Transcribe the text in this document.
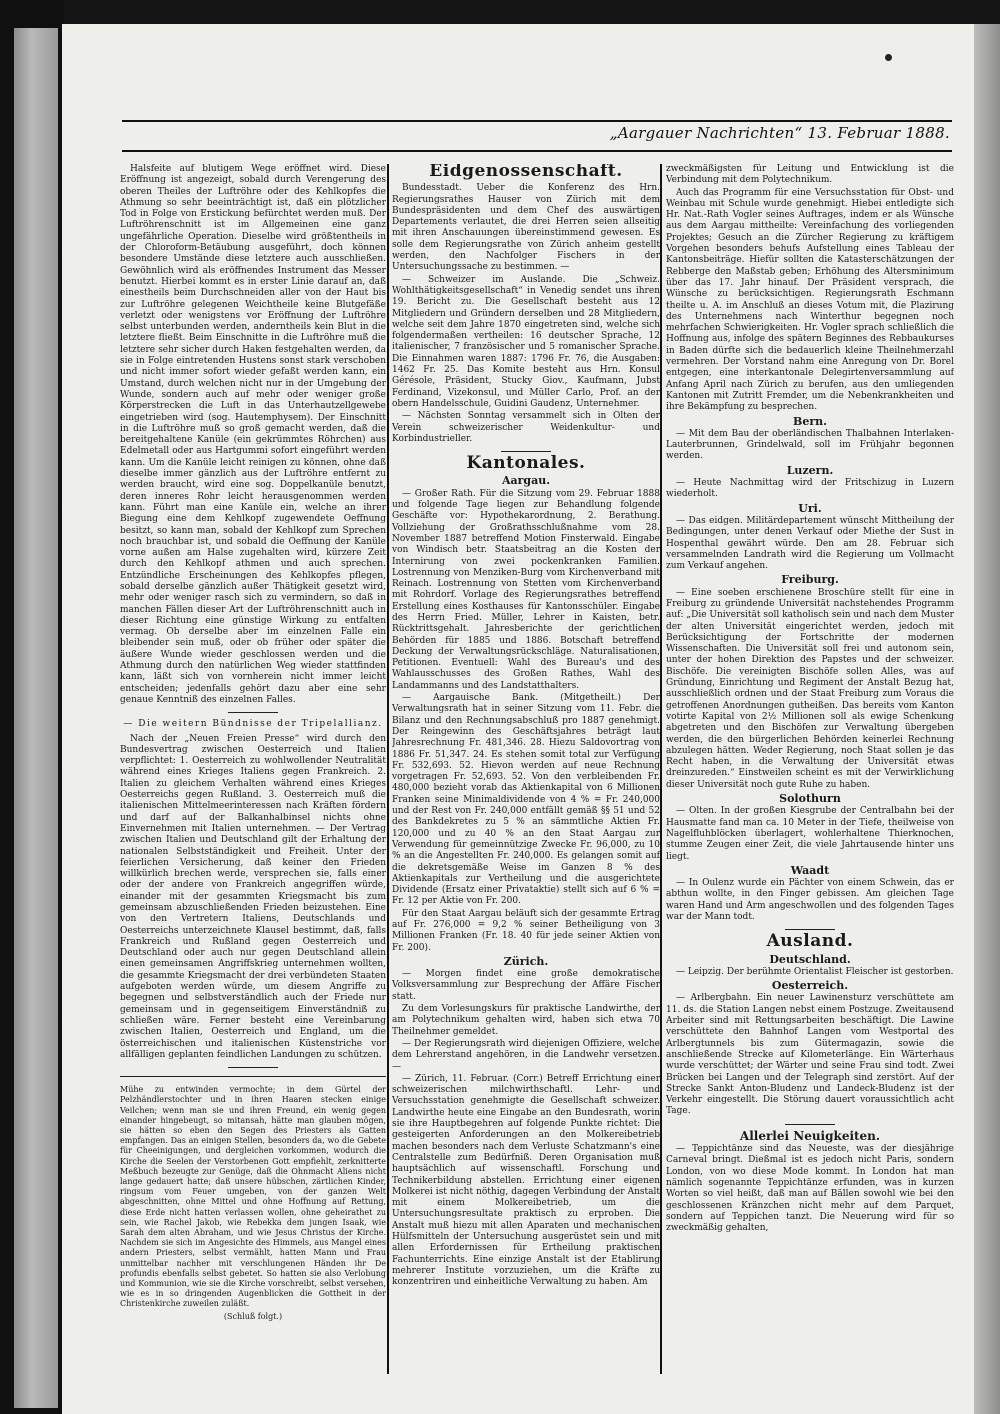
„Aargauer Nachrichten“ 13. Februar 1888.

Halsfeite auf blutigem Wege eröffnet wird. Diese Eröffnung ist angezeigt, sobald durch Verengerung des oberen Theiles der Luftröhre oder des Kehlkopfes die Athmung so sehr beeinträchtigt ist, daß ein plötzlicher Tod in Folge von Erstickung befürchtet werden muß. Der Luftröhrenschnitt ist im Allgemeinen eine ganz ungefährliche Operation. Dieselbe wird größtentheils in der Chloroform-Betäubung ausgeführt, doch können besondere Umstände diese letztere auch ausschließen. Gewöhnlich wird als eröffnendes Instrument das Messer benutzt. Hierbei kommt es in erster Linie darauf an, daß einestheils beim Durchschneiden aller von der Haut bis zur Luftröhre gelegenen Weichtheile keine Blutgefäße verletzt oder wenigstens vor Eröffnung der Luftröhre selbst unterbunden werden, anderntheils kein Blut in die letztere fließt. Beim Einschnitte in die Luftröhre muß die letztere sehr sicher durch Haken festgehalten werden, da sie in Folge eintretenden Hustens sonst stark verschoben und nicht immer sofort wieder gefaßt werden kann, ein Umstand, durch welchen nicht nur in der Umgebung der Wunde, sondern auch auf mehr oder weniger große Körperstrecken die Luft in das Unterhautzellgewebe eingetrieben wird (sog. Hautemphysem). Der Einschnitt in die Luftröhre muß so groß gemacht werden, daß die bereitgehaltene Kanüle (ein gekrümmtes Röhrchen) aus Edelmetall oder aus Hartgummi sofort eingeführt werden kann. Um die Kanüle leicht reinigen zu können, ohne daß dieselbe immer gänzlich aus der Luftröhre entfernt zu werden braucht, wird eine sog. Doppelkanüle benutzt, deren inneres Rohr leicht herausgenommen werden kann. Führt man eine Kanüle ein, welche an ihrer Biegung eine dem Kehlkopf zugewendete Oeffnung besitzt, so kann man, sobald der Kehlkopf zum Sprechen noch brauchbar ist, und sobald die Oeffnung der Kanüle vorne außen am Halse zugehalten wird, kürzere Zeit durch den Kehlkopf athmen und auch sprechen. Entzündliche Erscheinungen des Kehlkopfes pflegen, sobald derselbe gänzlich außer Thätigkeit gesetzt wird, mehr oder weniger rasch sich zu vermindern, so daß in manchen Fällen dieser Art der Luftröhrenschnitt auch in dieser Richtung eine günstige Wirkung zu entfalten vermag. Ob derselbe aber im einzelnen Falle ein bleibender sein muß, oder ob früher oder später die äußere Wunde wieder geschlossen werden und die Athmung durch den natürlichen Weg wieder stattfinden kann, läßt sich von vornherein nicht immer leicht entscheiden; jedenfalls gehört dazu aber eine sehr genaue Kenntniß des einzelnen Falles.

— Die weitern Bündnisse der Tripelallianz.

Nach der „Neuen Freien Presse“ wird durch den Bundesvertrag zwischen Oesterreich und Italien verpflichtet: 1. Oesterreich zu wohlwollender Neutralität während eines Krieges Italiens gegen Frankreich. 2. Italien zu gleichem Verhalten während eines Krieges Oesterreichs gegen Rußland. 3. Oesterreich muß die italienischen Mittelmeerinteressen nach Kräften fördern und darf auf der Balkanhalbinsel nichts ohne Einvernehmen mit Italien unternehmen. — Der Vertrag zwischen Italien und Deutschland gilt der Erhaltung der nationalen Selbstständigkeit und Freiheit. Unter der feierlichen Versicherung, daß keiner den Frieden willkürlich brechen werde, versprechen sie, falls einer oder der andere von Frankreich angegriffen würde, einander mit der gesammten Kriegsmacht bis zum gemeinsam abzuschließenden Frieden beizustehen. Eine von den Vertretern Italiens, Deutschlands und Oesterreichs unterzeichnete Klausel bestimmt, daß, falls Frankreich und Rußland gegen Oesterreich und Deutschland oder auch nur gegen Deutschland allein einen gemeinsamen Angriffskrieg unternehmen wollten, die gesammte Kriegsmacht der drei verbündeten Staaten aufgeboten werden würde, um diesem Angriffe zu begegnen und selbstverständlich auch der Friede nur gemeinsam und in gegenseitigem Einverständniß zu schließen wäre. Ferner besteht eine Vereinbarung zwischen Italien, Oesterreich und England, um die österreichischen und italienischen Küstenstriche vor allfälligen geplanten feindlichen Landungen zu schützen.

Mühe zu entwinden vermochte; in dem Gürtel der Pelzhändlerstochter und in ihren Haaren stecken einige Veilchen; wenn man sie und ihren Freund, ein wenig gegen einander hingebeugt, so mitansah, hätte man glauben mögen, sie hätten so eben den Segen des Priesters als Gatten empfangen. Das an einigen Stellen, besonders da, wo die Gebete für Cheeinigungen, und dergleichen vorkommen, wodurch die Kirche die Seelen der Verstorbenen Gott empfiehlt, zerknitterte Meßbuch bezeugte zur Genüge, daß die Ohnmacht Aliens nicht lange gedauert hatte; daß unsere hübschen, zärtlichen Kinder, ringsum vom Feuer umgeben, von der ganzen Welt abgeschnitten, ohne Mittel und ohne Hoffnung auf Rettung, diese Erde nicht hatten verlassen wollen, ohne geheirathet zu sein, wie Rachel Jakob, wie Rebekka dem jungen Isaak, wie Sarah dem alten Abraham, und wie Jesus Christus der Kirche. Nachdem sie sich im Angesichte des Himmels, aus Mangel eines andern Priesters, selbst vermählt, hatten Mann und Frau unmittelbar nachher mit verschlungenen Händen ihr De profundis ebenfalls selbst gebetet. So hatten sie also Verlobung und Kommunion, wie sie die Kirche vorschreibt, selbst versehen, wie es in so dringenden Augenblicken die Gottheit in der Christenkirche zuweilen zuläßt.
(Schluß folgt.)
Eidgenossenschaft.

Bundesstadt. Ueber die Konferenz des Hrn. Regierungsrathes Hauser von Zürich mit dem Bundespräsidenten und dem Chef des auswärtigen Departements verlautet, die drei Herren seien allseitig mit ihren Anschauungen übereinstimmend gewesen. Es solle dem Regierungsrathe von Zürich anheim gestellt werden, den Nachfolger Fischers in der Untersuchungssache zu bestimmen. —

— Schweizer im Auslande. Die „Schweiz. Wohlthätigkeitsgesellschaft“ in Venedig sendet uns ihren 19. Bericht zu. Die Gesellschaft besteht aus 12 Mitgliedern und Gründern derselben und 28 Mitgliedern, welche seit dem Jahre 1870 eingetreten sind, welche sich folgendermaßen vertheilen: 16 deutscher Sprache, 12 italienischer, 7 französischer und 5 romanischer Sprache. Die Einnahmen waren 1887: 1796 Fr. 76, die Ausgaben: 1462 Fr. 25. Das Komite besteht aus Hrn. Konsul Gérésole, Präsident, Stucky Giov., Kaufmann, Jubst Ferdinand, Vizekonsul, und Müller Carlo, Prof. an der obern Handelsschule, Guidini Gaudenz, Unternehmer.

— Nächsten Sonntag versammelt sich in Olten der Verein schweizerischer Weidenkultur- und Korbindustrieller.

Kantonales.
Aargau.

— Großer Rath. Für die Sitzung vom 29. Februar 1888 und folgende Tage liegen zur Behandlung folgende Geschäfte vor: Hypothekarordnung, 2. Berathung. Vollziehung der Großrathsschlußnahme vom 28. November 1887 betreffend Motion Finsterwald. Eingabe von Windisch betr. Staatsbeitrag an die Kosten der Internirung von zwei pockenkranken Familien. Lostrennung von Menziken-Burg vom Kirchenverband mit Reinach. Lostrennung von Stetten vom Kirchenverband mit Rohrdorf. Vorlage des Regierungsrathes betreffend Erstellung eines Kosthauses für Kantonsschüler. Eingabe des Herrn Fried. Müller, Lehrer in Kaisten, betr. Rücktrittsgehalt. Jahresberichte der gerichtlichen Behörden für 1885 und 1886. Botschaft betreffend Deckung der Verwaltungsrückschläge. Naturalisationen, Petitionen. Eventuell: Wahl des Bureau's und des Wahlausschusses des Großen Rathes, Wahl des Landammanns und des Landstatthalters.

— Aargauische Bank. (Mitgetheilt.) Der Verwaltungsrath hat in seiner Sitzung vom 11. Febr. die Bilanz und den Rechnungsabschluß pro 1887 genehmigt. Der Reingewinn des Geschäftsjahres beträgt laut Jahresrechnung Fr. 481,346. 28. Hiezu Saldovortrag von 1886 Fr. 51,347. 24. Es stehen somit total zur Verfügung Fr. 532,693. 52. Hievon werden auf neue Rechnung vorgetragen Fr. 52,693. 52. Von den verbleibenden Fr. 480,000 bezieht vorab das Aktienkapital von 6 Millionen Franken seine Minimaldividende von 4 % = Fr. 240,000 und der Rest von Fr. 240,000 entfällt gemäß §§ 51 und 52 des Bankdekretes zu 5 % an sämmtliche Aktien Fr. 120,000 und zu 40 % an den Staat Aargau zur Verwendung für gemeinnützige Zwecke Fr. 96,000, zu 10 % an die Angestellten Fr. 240,000. Es gelangen somit auf die dekretsgemäße Weise im Ganzen 8 % des Aktienkapitals zur Vertheilung und die ausgerichtete Dividende (Ersatz einer Privataktie) stellt sich auf 6 % = Fr. 12 per Aktie von Fr. 200.

Für den Staat Aargau beläuft sich der gesammte Ertrag auf Fr. 276,000 = 9,2 % seiner Betheiligung von 3 Millionen Franken (Fr. 18. 40 für jede seiner Aktien von Fr. 200).

Zürich.

— Morgen findet eine große demokratische Volksversammlung zur Besprechung der Affäre Fischer statt.

Zu dem Vorlesungskurs für praktische Landwirthe, der am Polytechnikum gehalten wird, haben sich etwa 70 Theilnehmer gemeldet.

— Der Regierungsrath wird diejenigen Offiziere, welche dem Lehrerstand angehören, in die Landwehr versetzen. —

— Zürich, 11. Februar. (Corr.) Betreff Errichtung einer schweizerischen milchwirthschaftl. Lehr- und Versuchsstation genehmigte die Gesellschaft schweizer. Landwirthe heute eine Eingabe an den Bundesrath, worin sie ihre Hauptbegehren auf folgende Punkte richtet: Die gesteigerten Anforderungen an den Molkereibetrieb machen besonders nach dem Verluste Schatzmann's eine Centralstelle zum Bedürfniß. Deren Organisation muß hauptsächlich auf wissenschaftl. Forschung und Technikerbildung abstellen. Errichtung einer eigenen Molkerei ist nicht nöthig, dagegen Verbindung der Anstalt mit einem Molkereibetrieb, um die Untersuchungsresultate praktisch zu erproben. Die Anstalt muß hiezu mit allen Aparaten und mechanischen Hülfsmitteln der Untersuchung ausgerüstet sein und mit allen Erfordernissen für Ertheilung praktischen Fachunterrichts. Eine einzige Anstalt ist der Etablirung mehrerer Institute vorzuziehen, um die Kräfte zu konzentriren und einheitliche Verwaltung zu haben. Am

zweckmäßigsten für Leitung und Entwicklung ist die Verbindung mit dem Polytechnikum.

Auch das Programm für eine Versuchsstation für Obst- und Weinbau mit Schule wurde genehmigt. Hiebei entledigte sich Hr. Nat.-Rath Vogler seines Auftrages, indem er als Wünsche aus dem Aargau mittheilte: Vereinfachung des vorliegenden Projektes; Gesuch an die Zürcher Regierung zu kräftigem Vorgehen besonders behufs Aufstellung eines Tableau der Kantonsbeiträge. Hiefür sollten die Katasterschätzungen der Rebberge den Maßstab geben; Erhöhung des Altersminimum über das 17. Jahr hinauf. Der Präsident versprach, die Wünsche zu berücksichtigen. Regierungsrath Eschmann theilte u. A. im Anschluß an dieses Votum mit, die Plazirung des Unternehmens nach Winterthur begegnen noch mehrfachen Schwierigkeiten. Hr. Vogler sprach schließlich die Hoffnung aus, infolge des spätern Beginnes des Rebbaukurses in Baden dürfte sich die bedauerlich kleine Theilnehmerzahl vermehren. Der Vorstand nahm eine Anregung von Dr. Borel entgegen, eine interkantonale Delegirtenversammlung auf Anfang April nach Zürich zu berufen, aus den umliegenden Kantonen mit Zutritt Fremder, um die Nebenkrankheiten und ihre Bekämpfung zu besprechen.

Bern.

— Mit dem Bau der oberländischen Thalbahnen Interlaken-Lauterbrunnen, Grindelwald, soll im Frühjahr begonnen werden.

Luzern.

— Heute Nachmittag wird der Fritschizug in Luzern wiederholt.

Uri.

— Das eidgen. Militärdepartement wünscht Mittheilung der Bedingungen, unter denen Verkauf oder Miethe der Sust in Hospenthal gewährt würde. Den am 28. Februar sich versammelnden Landrath wird die Regierung um Vollmacht zum Verkauf angehen.

Freiburg.

— Eine soeben erschienene Broschüre stellt für eine in Freiburg zu gründende Universität nachstehendes Programm auf: „Die Universität soll katholisch sein und nach dem Muster der alten Universität eingerichtet werden, jedoch mit Berücksichtigung der Fortschritte der modernen Wissenschaften. Die Universität soll frei und autonom sein, unter der hohen Direktion des Papstes und der schweizer. Bischöfe. Die vereinigten Bischöfe sollen Alles, was auf Gründung, Einrichtung und Regiment der Anstalt Bezug hat, ausschließlich ordnen und der Staat Freiburg zum Voraus die getroffenen Anordnungen gutheißen. Das bereits vom Kanton votirte Kapital von 2½ Millionen soll als ewige Schenkung abgetreten und den Bischöfen zur Verwaltung übergeben werden, die den bürgerlichen Behörden keinerlei Rechnung abzulegen hätten. Weder Regierung, noch Staat sollen je das Recht haben, in die Verwaltung der Universität etwas dreinzureden.“ Einstweilen scheint es mit der Verwirklichung dieser Universität noch gute Ruhe zu haben.

Solothurn

— Olten. In der großen Kiesgrube der Centralbahn bei der Hausmatte fand man ca. 10 Meter in der Tiefe, theilweise von Nagelfluhblöcken überlagert, wohlerhaltene Thierknochen, stumme Zeugen einer Zeit, die viele Jahrtausende hinter uns liegt.

Waadt

— In Oulenz wurde ein Pächter von einem Schwein, das er abthun wollte, in den Finger gebissen. Am gleichen Tage waren Hand und Arm angeschwollen und des folgenden Tages war der Mann todt.

Ausland.
Deutschland.

— Leipzig. Der berühmte Orientalist Fleischer ist gestorben.

Oesterreich.

— Arlbergbahn. Ein neuer Lawinensturz verschüttete am 11. ds. die Station Langen nebst einem Postzuge. Zweitausend Arbeiter sind mit Rettungsarbeiten beschäftigt. Die Lawine verschüttete den Bahnhof Langen vom Westportal des Arlbergtunnels bis zum Gütermagazin, sowie die anschließende Strecke auf Kilometerlänge. Ein Wärterhaus wurde verschüttet; der Wärter und seine Frau sind todt. Zwei Brücken bei Langen und der Telegraph sind zerstört. Auf der Strecke Sankt Anton-Bludenz und Landeck-Bludenz ist der Verkehr eingestellt. Die Störung dauert voraussichtlich acht Tage.

Allerlei Neuigkeiten.

— Teppichtänze sind das Neueste, was der diesjährige Carneval bringt. Dießmal ist es jedoch nicht Paris, sondern London, von wo diese Mode kommt. In London hat man nämlich sogenannte Teppichtänze erfunden, was in kurzen Worten so viel heißt, daß man auf Bällen sowohl wie bei den geschlossenen Kränzchen nicht mehr auf dem Parquet, sondern auf Teppichen tanzt. Die Neuerung wird für so zweckmäßig gehalten,
